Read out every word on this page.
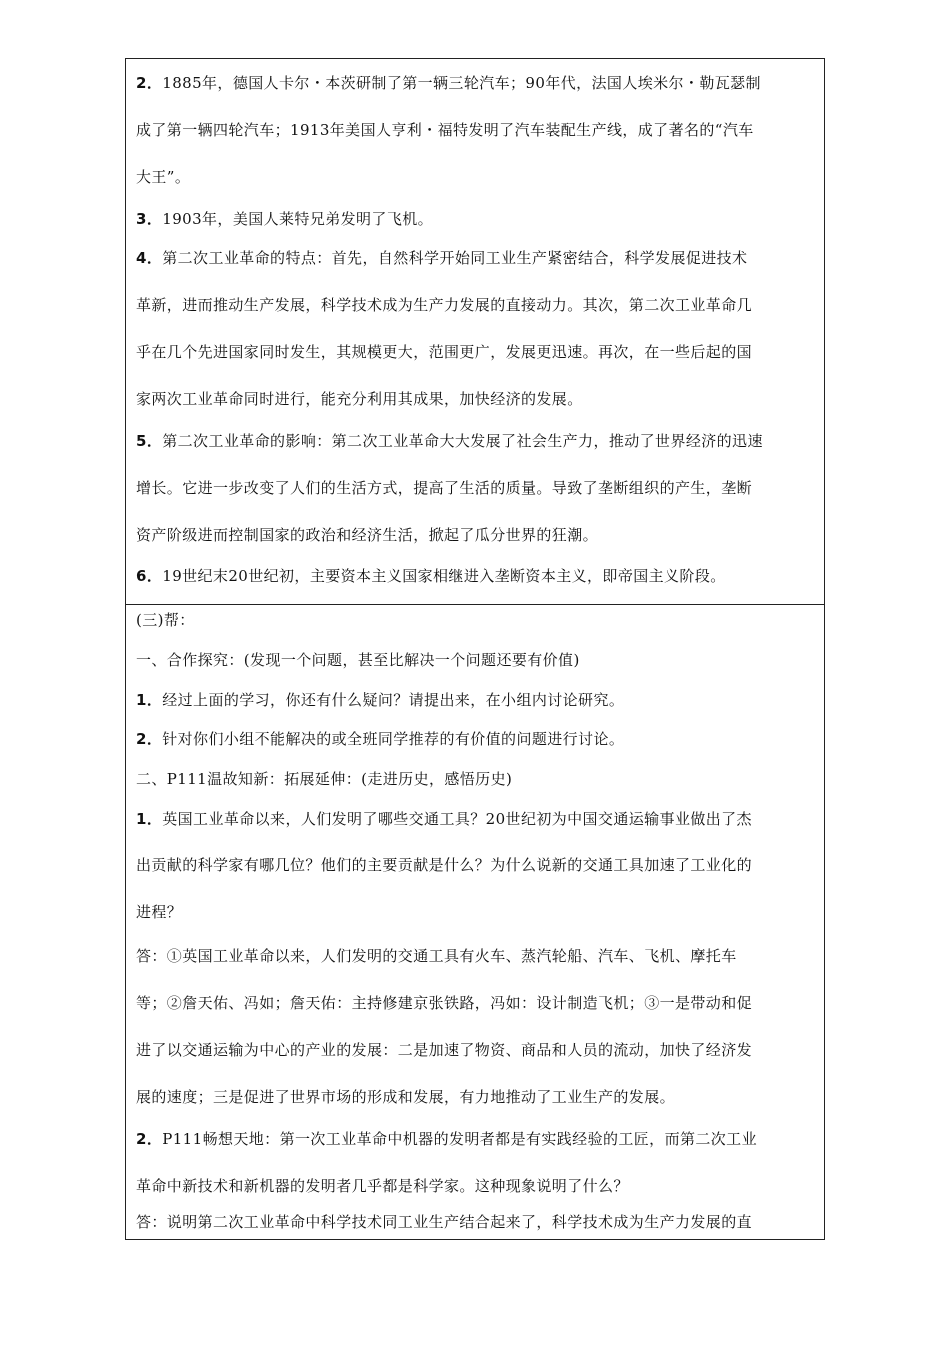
2．1885年，德国人卡尔・本茨研制了第一辆三轮汽车；90年代，法国人埃米尔・勒瓦瑟制
成了第一辆四轮汽车；1913年美国人亨利・福特发明了汽车装配生产线，成了著名的“汽车
大王”。
3．1903年，美国人莱特兄弟发明了飞机。
4．第二次工业革命的特点：首先，自然科学开始同工业生产紧密结合，科学发展促进技术
革新，进而推动生产发展，科学技术成为生产力发展的直接动力。其次，第二次工业革命几
乎在几个先进国家同时发生，其规模更大，范围更广，发展更迅速。再次，在一些后起的国
家两次工业革命同时进行，能充分利用其成果，加快经济的发展。
5．第二次工业革命的影响：第二次工业革命大大发展了社会生产力，推动了世界经济的迅速
增长。它进一步改变了人们的生活方式，提高了生活的质量。导致了垄断组织的产生，垄断
资产阶级进而控制国家的政治和经济生活，掀起了瓜分世界的狂潮。
6．19世纪末20世纪初，主要资本主义国家相继进入垄断资本主义，即帝国主义阶段。
(三)帮：
一、合作探究：(发现一个问题，甚至比解决一个问题还要有价值)
1．经过上面的学习，你还有什么疑问？请提出来，在小组内讨论研究。
2．针对你们小组不能解决的或全班同学推荐的有价值的问题进行讨论。
二、P111温故知新：拓展延伸：(走进历史，感悟历史)
1．英国工业革命以来，人们发明了哪些交通工具？20世纪初为中国交通运输事业做出了杰
出贡献的科学家有哪几位？他们的主要贡献是什么？为什么说新的交通工具加速了工业化的
进程？
答：①英国工业革命以来，人们发明的交通工具有火车、蒸汽轮船、汽车、飞机、摩托车
等；②詹天佑、冯如；詹天佑：主持修建京张铁路，冯如：设计制造飞机；③一是带动和促
进了以交通运输为中心的产业的发展：二是加速了物资、商品和人员的流动，加快了经济发
展的速度；三是促进了世界市场的形成和发展，有力地推动了工业生产的发展。
2．P111畅想天地：第一次工业革命中机器的发明者都是有实践经验的工匠，而第二次工业
革命中新技术和新机器的发明者几乎都是科学家。这种现象说明了什么？
答：说明第二次工业革命中科学技术同工业生产结合起来了，科学技术成为生产力发展的直
